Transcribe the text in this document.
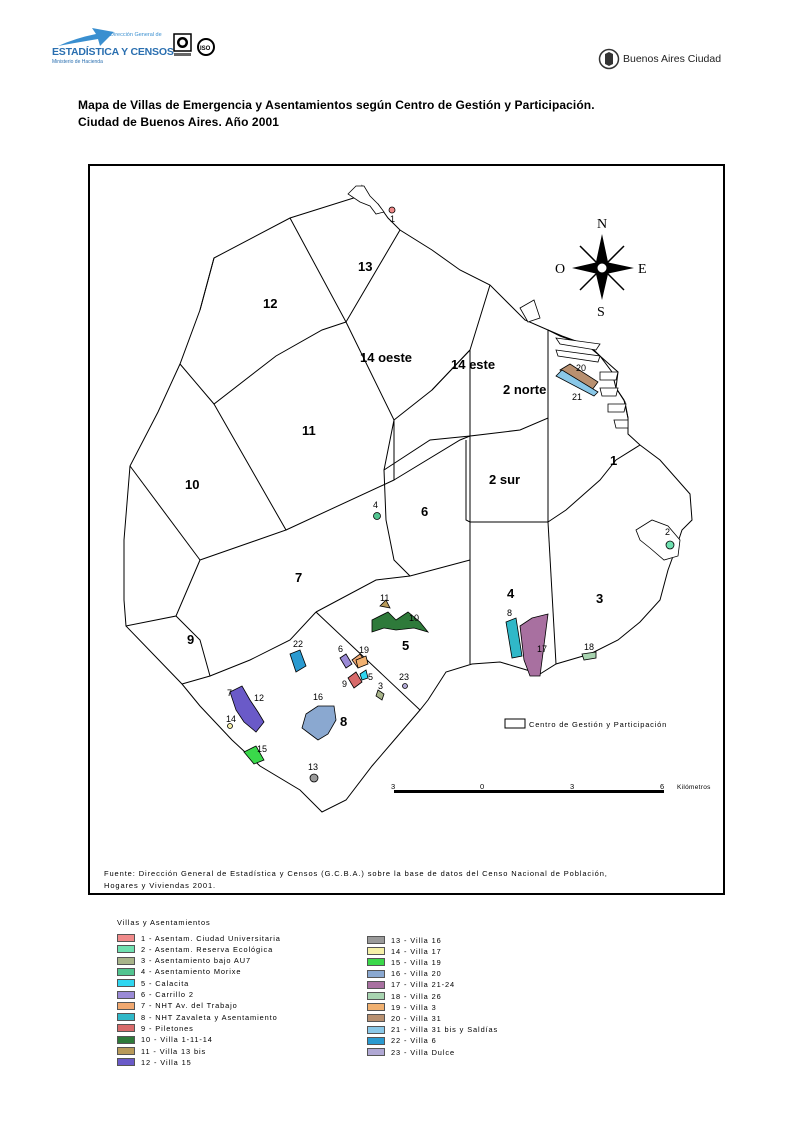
Dirección General de
ESTADÍSTICA Y CENSOS
Ministerio de Hacienda
ISO
Buenos Aires Ciudad
Mapa de Villas de Emergencia y Asentamientos según Centro de Gestión y Participación.
Ciudad de Buenos Aires. Año 2001
1
2 norte
2 sur
3
4
5
6
7
8
9
10
11
12
13
14 oeste	14 este
1
2
3
4
5
6
7
8
9
10
11
12
13
14
15
16
17	18
19
20
21
22
23
N
S
E
O
Centro de Gestión y Participación
3	0	3	6 Kilómetros
Fuente: Dirección General de Estadística y Censos (G.C.B.A.) sobre la base de datos del Censo Nacional de Población,
Hogares y Viviendas 2001.
Villas y Asentamientos
1 - Asentam. Ciudad Universitaria
2 - Asentam. Reserva Ecológica
3 - Asentamiento bajo AU7
4 - Asentamiento Morixe
5 - Calacita
6 - Carrillo 2
7 - NHT Av. del Trabajo
8 - NHT Zavaleta y Asentamiento
9 - Piletones
10 - Villa 1-11-14
11 - Villa 13 bis
12 - Villa 15
13 - Villa 16
14 - Villa 17
15 - Villa 19
16 - Villa 20
17 - Villa 21-24
18 - Villa 26
19 - Villa 3
20 - Villa 31
21 - Villa 31 bis y Saldías
22 - Villa 6
23 - Villa Dulce
